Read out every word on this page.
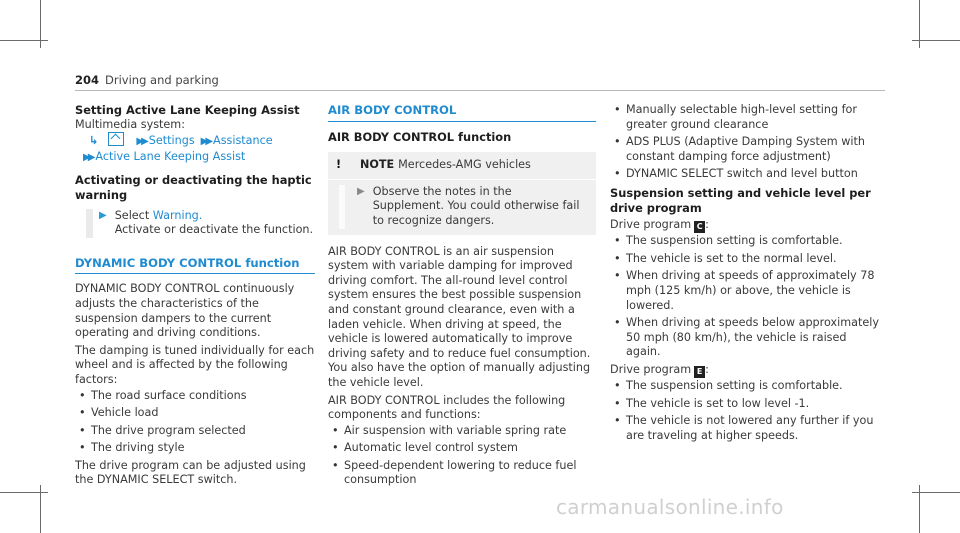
204 Driving and parking

Setting Active Lane Keeping Assist

Multimedia system:

↳	▶▶ Settings ▶▶ Assistance

▶▶ Active Lane Keeping Assist

Activating or deactivating the haptic warning

▶ Select Warning.

Activate or deactivate the function.

DYNAMIC BODY CONTROL function

DYNAMIC BODY CONTROL continuously adjusts the characteristics of the suspension dampers to the current operating and driving conditions.

The damping is tuned individually for each wheel and is affected by the following factors:

• The road surface conditions
• Vehicle load
• The drive program selected
• The driving style

The drive program can be adjusted using the DYNAMIC SELECT switch.

AIR BODY CONTROL

AIR BODY CONTROL function

! NOTE Mercedes-AMG vehicles
▶ Observe the notes in the Supplement. You could otherwise fail to recognize dangers.

AIR BODY CONTROL is an air suspension system with variable damping for improved driving comfort. The all-round level control system ensures the best possible suspension and constant ground clearance, even with a laden vehicle. When driving at speed, the vehicle is lowered automatically to improve driving safety and to reduce fuel consumption. You also have the option of manually adjusting the vehicle level.

AIR BODY CONTROL includes the following components and functions:

• Air suspension with variable spring rate
• Automatic level control system
• Speed-dependent lowering to reduce fuel consumption
• Manually selectable high-level setting for greater ground clearance
• ADS PLUS (Adaptive Damping System with constant damping force adjustment)
• DYNAMIC SELECT switch and level button

Suspension setting and vehicle level per drive program

Drive program C :

• The suspension setting is comfortable.
• The vehicle is set to the normal level.
• When driving at speeds of approximately 78 mph (125 km/h) or above, the vehicle is lowered.
• When driving at speeds below approximately 50 mph (80 km/h), the vehicle is raised again.

Drive program E :

• The suspension setting is comfortable.
• The vehicle is set to low level -1.
• The vehicle is not lowered any further if you are traveling at higher speeds.
carmanualsonline.info
